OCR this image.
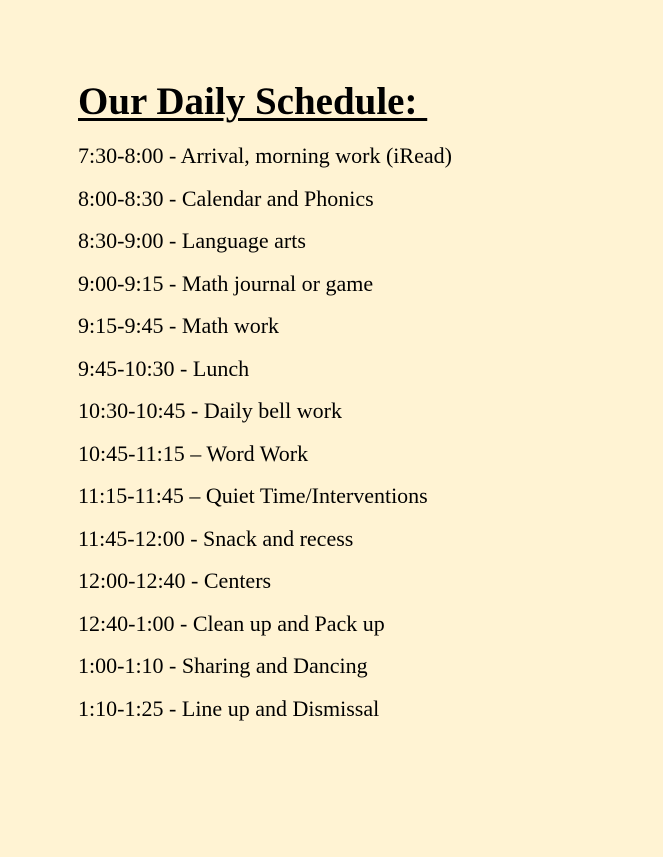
Our Daily Schedule:
7:30-8:00 - Arrival, morning work (iRead)
8:00-8:30 - Calendar and Phonics
8:30-9:00 - Language arts
9:00-9:15 - Math journal or game
9:15-9:45 - Math work
9:45-10:30 - Lunch
10:30-10:45 - Daily bell work
10:45-11:15 – Word Work
11:15-11:45 – Quiet Time/Interventions
11:45-12:00 - Snack and recess
12:00-12:40 - Centers
12:40-1:00 - Clean up and Pack up
1:00-1:10 - Sharing and Dancing
1:10-1:25 - Line up and Dismissal
